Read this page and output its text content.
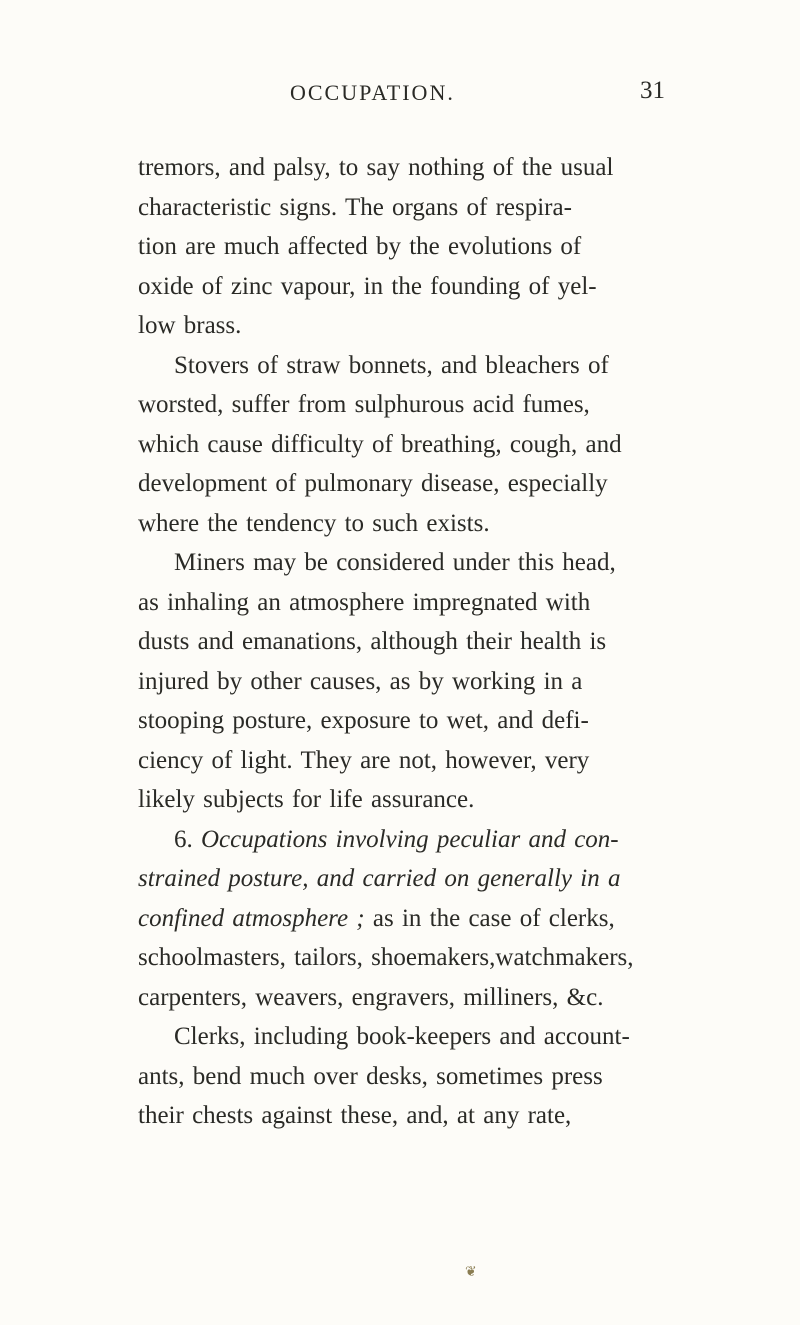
OCCUPATION.	31
tremors, and palsy, to say nothing of the usual
characteristic signs. The organs of respira-
tion are much affected by the evolutions of
oxide of zinc vapour, in the founding of yel-
low brass.
Stovers of straw bonnets, and bleachers of
worsted, suffer from sulphurous acid fumes,
which cause difficulty of breathing, cough, and
development of pulmonary disease, especially
where the tendency to such exists.
Miners may be considered under this head,
as inhaling an atmosphere impregnated with
dusts and emanations, although their health is
injured by other causes, as by working in a
stooping posture, exposure to wet, and defi-
ciency of light. They are not, however, very
likely subjects for life assurance.
6. Occupations involving peculiar and con-
strained posture, and carried on generally in a
confined atmosphere ; as in the case of clerks,
schoolmasters, tailors, shoemakers,watchmakers,
carpenters, weavers, engravers, milliners, &c.
Clerks, including book-keepers and account-
ants, bend much over desks, sometimes press
their chests against these, and, at any rate,
❦
